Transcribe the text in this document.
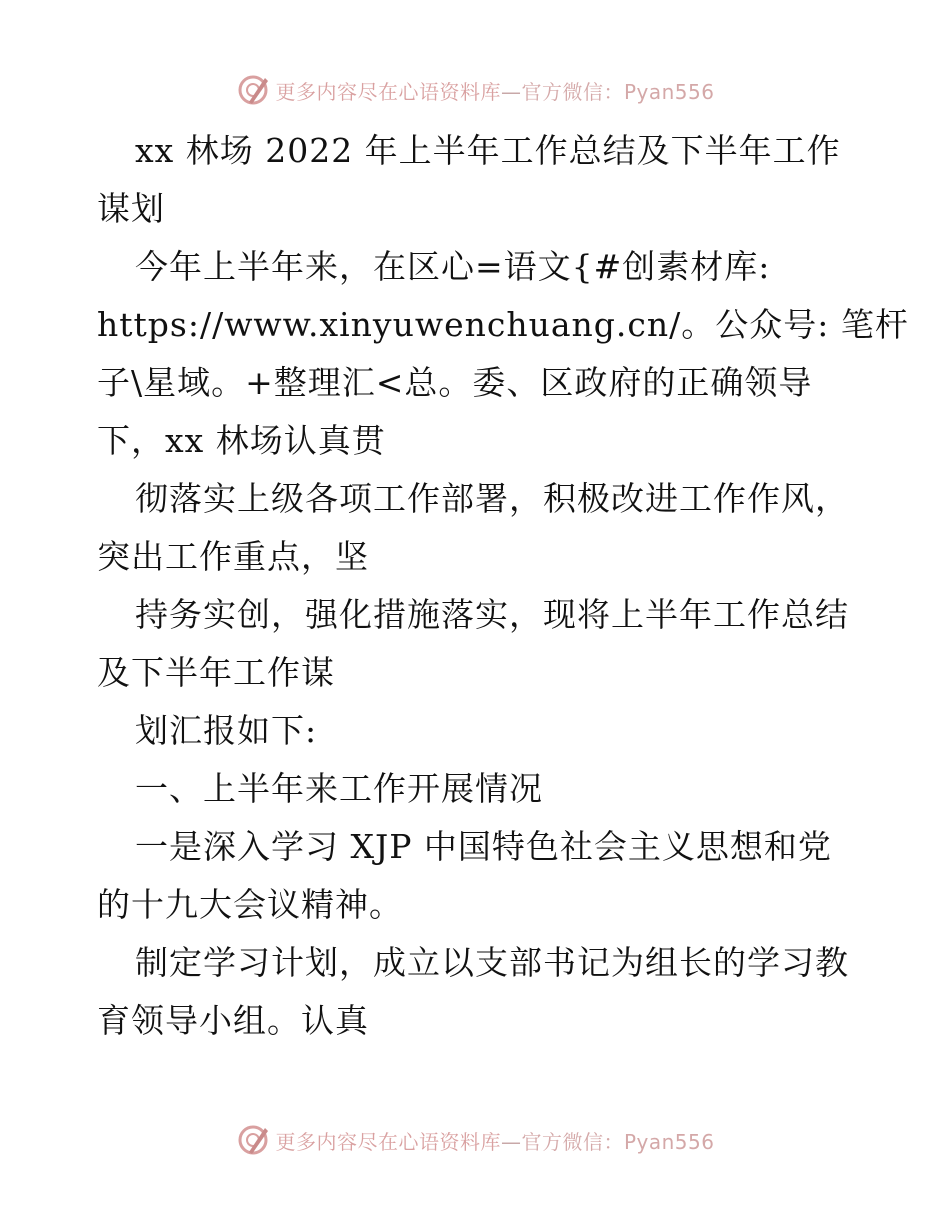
更多内容尽在心语资料库—官方微信：Pyan556
xx 林场 2022 年上半年工作总结及下半年工作
谋划
今年上半年来，在区心=语文{#创素材库:
https://www.xinyuwenchuang.cn/。公众号: 笔杆
子\星域。+整理汇<总。委、区政府的正确领导
下，xx 林场认真贯
彻落实上级各项工作部署，积极改进工作作风，
突出工作重点，坚
持务实创，强化措施落实，现将上半年工作总结
及下半年工作谋
划汇报如下:
一、上半年来工作开展情况
一是深入学习 XJP 中国特色社会主义思想和党
的十九大会议精神。
制定学习计划，成立以支部书记为组长的学习教
育领导小组。认真
更多内容尽在心语资料库—官方微信：Pyan556
